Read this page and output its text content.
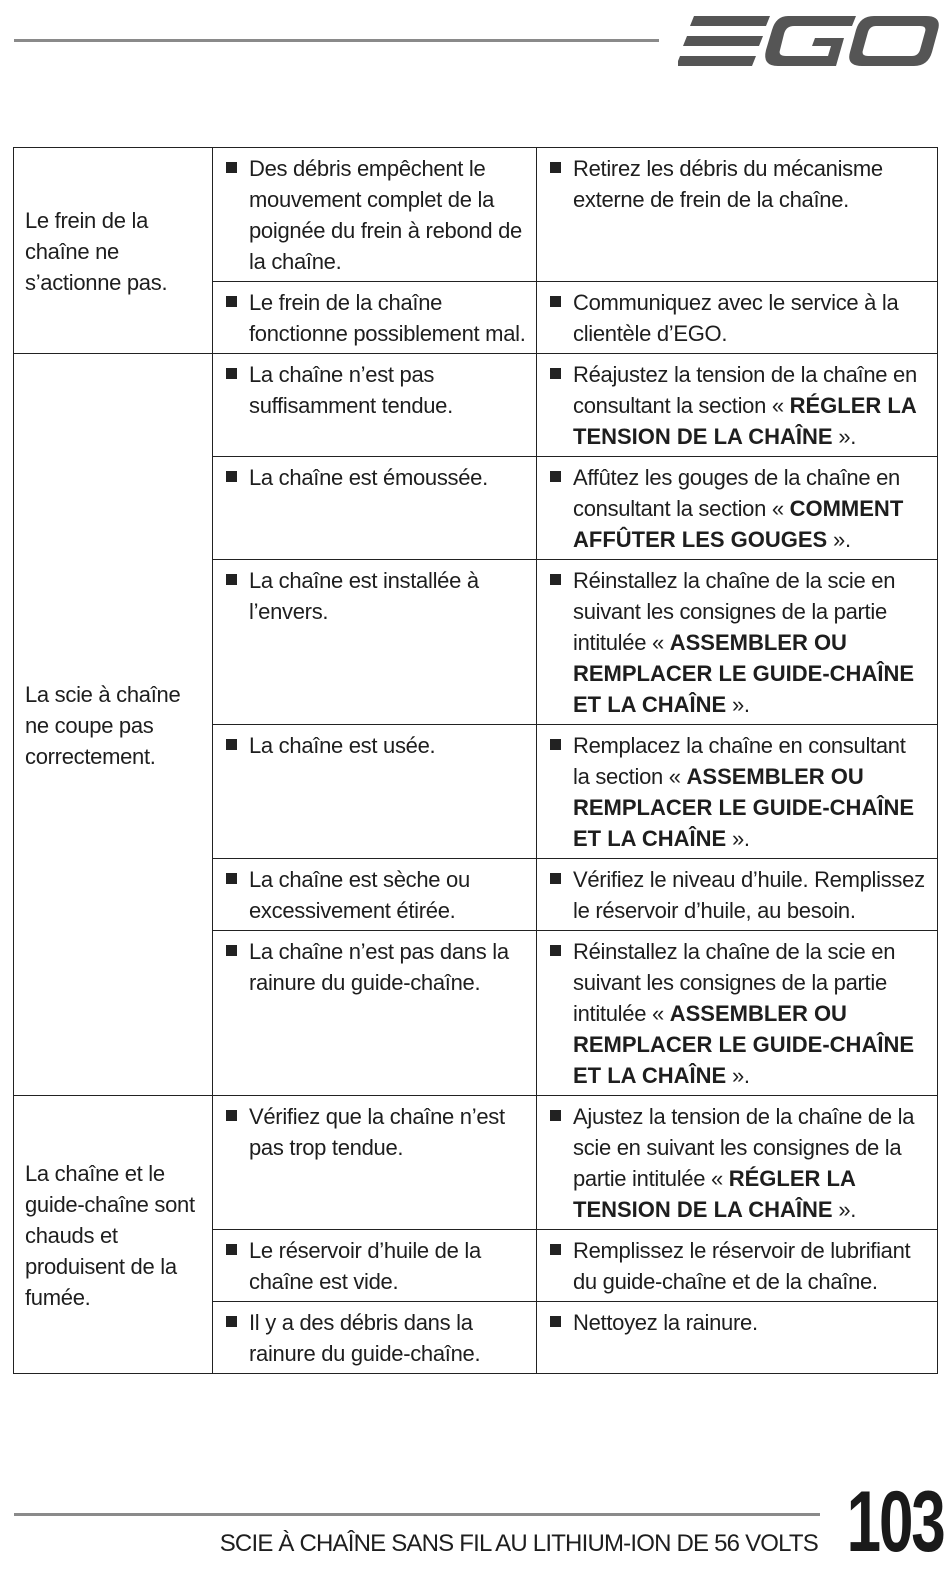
Le frein de la chaîne ne s’actionne pas.	Des débris empêchent le mouvement complet de la poignée du frein à rebond de la chaîne.	Retirez les débris du mécanisme externe de frein de la chaîne.

	Le frein de la chaîne fonctionne possiblement mal.	Communiquez avec le service à la clientèle d’EGO.

La scie à chaîne ne coupe pas correctement.	La chaîne n’est pas suffisamment tendue.	Réajustez la tension de la chaîne en consultant la section « RÉGLER LA TENSION DE LA CHAÎNE ».

	La chaîne est émoussée.	Affûtez les gouges de la chaîne en consultant la section « COMMENT AFFÛTER LES GOUGES ».

	La chaîne est installée à l’envers.	Réinstallez la chaîne de la scie en suivant les consignes de la partie intitulée « ASSEMBLER OU REMPLACER LE GUIDE-CHAÎNE ET LA CHAÎNE ».

	La chaîne est usée.	Remplacez la chaîne en consultant la section « ASSEMBLER OU REMPLACER LE GUIDE-CHAÎNE ET LA CHAÎNE ».

	La chaîne est sèche ou excessivement étirée.	Vérifiez le niveau d’huile. Remplissez le réservoir d’huile, au besoin.

	La chaîne n’est pas dans la rainure du guide-chaîne.	Réinstallez la chaîne de la scie en suivant les consignes de la partie intitulée « ASSEMBLER OU REMPLACER LE GUIDE-CHAÎNE ET LA CHAÎNE ».

La chaîne et le guide-chaîne sont chauds et produisent de la fumée.	Vérifiez que la chaîne n’est pas trop tendue.	Ajustez la tension de la chaîne de la scie en suivant les consignes de la partie intitulée « RÉGLER LA TENSION DE LA CHAÎNE ».

	Le réservoir d’huile de la chaîne est vide.	Remplissez le réservoir de lubrifiant du guide-chaîne et de la chaîne.

	Il y a des débris dans la rainure du guide-chaîne.	Nettoyez la rainure.
SCIE À CHAÎNE SANS FIL AU LITHIUM-ION DE 56 VOLTS 103
